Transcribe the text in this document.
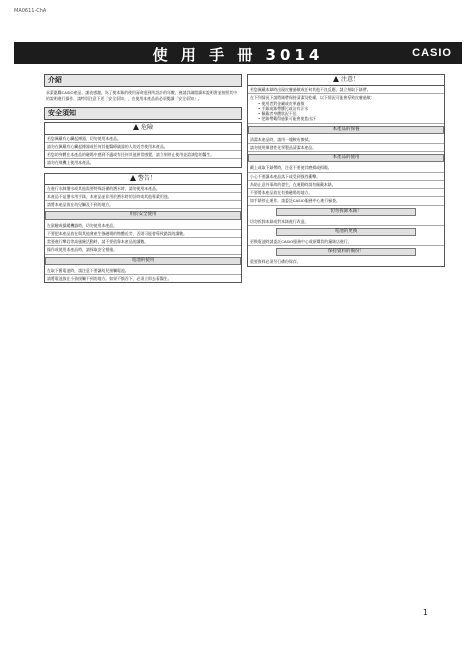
MA0611-ChA
使 用 手 冊 3014	CASIO
介紹
承蒙惠購CASIO產品，謹表感謝。為了使本錶的使用壽命達到所設計的年數，務請詳細閱讀本說明書並按照其中的說明進行操作，請特別注意下述「安全須知」，在使用本產品前必須閱讀「安全須知」。
安全須知
危險
若您佩戴有心臟起搏器，切勿使用本產品。
請勿在佩戴有心臟起搏器或任何其他醫療儀器的人的近旁使用本產品。
若您的身體在本產品的磁場中感到不適或有任何其他異常感覺，請立刻停止使用並諮詢您的醫生。
請勿在飛機上使用本產品。
警告！
在進行水肺潛水或其他需要特殊設備的潛水時，請勿使用本產品。
本產品不是潛水用手錶，本產品並非用於潛水時的計時或其他專業用途。
請將本產品放在幼兒觸及不到的地方。
用於安全使用
在駕駛或操縱機器時，切勿使用本產品。
不要把本產品放在與其他會產生強磁場的物體近旁，否則可能會導致錯誤的讀數。
當要進行攀岩等高風險活動時，請不要依靠本產品的讀數。
操作或使用本產品時，請採取安全措施。
電池的使用
在取下舊電池時，請注意不要讓幼兒接觸電池。
請將電池放在小孩接觸不到的地方。如果不慎吞下，必須立即去看醫生。
注意！
若您佩戴本錶時出現皮膚過敏或任何其他不良反應，請立刻取下錶帶。
在下列情況下請將錶帶保持清潔及乾燥，以下情況可能會導致皮膚過敏：
• 使用者對金屬或皮革過敏
• 手錶或錶帶髒污或沾有汗水
• 佩戴者身體狀況不佳
• 把錶帶戴得過緊可能會使您出汗
本產品的保養
清潔本產品時，請用一塊軟布擦拭。
請勿使用揮發性化學製品清潔本產品。
本產品的使用
戴上或取下錶帶時，注意不要使其磨損或損傷。
小心不要讓本產品落下或受到強烈衝擊。
為防止意外事故的發生，在運動時請勿佩戴本錶。
不要將本產品放在有強磁場的地方。
如手錶停止運作，請委託CASIO服務中心進行檢查。
切勿拆卸本錶！
切勿拆卸本錶或對本錶進行改造。
電池的更換
更換電池時請委託CASIO服務中心或原購買的鐘錶店進行。
保持資料的備份！
重要資料必須另行備份保存。
1
